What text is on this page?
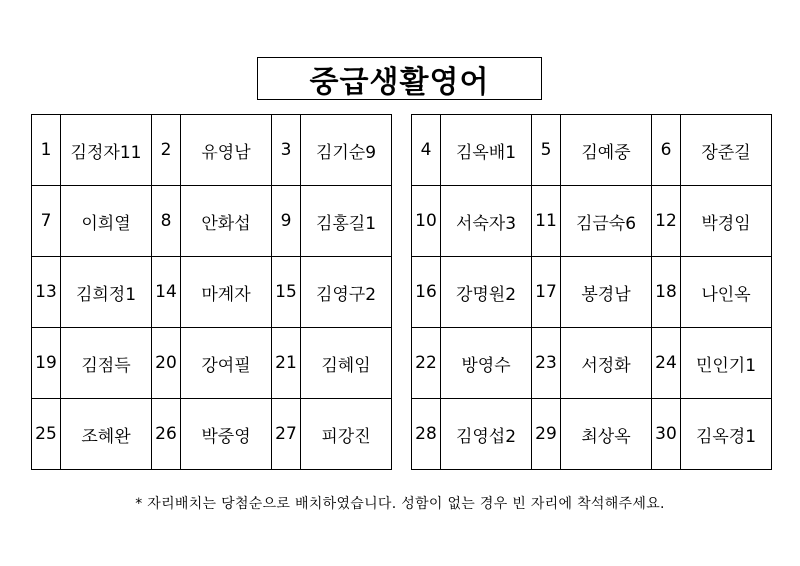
중급생활영어
1	김정자11	2	유영남	3	김기순9
7	이희열	8	안화섭	9	김홍길1
13	김희정1	14	마계자	15	김영구2
19	김점득	20	강여필	21	김혜임
25	조혜완	26	박중영	27	피강진
4	김옥배1	5	김예중	6	장준길
10	서숙자3	11	김금숙6	12	박경임
16	강명원2	17	봉경남	18	나인옥
22	방영수	23	서정화	24	민인기1
28	김영섭2	29	최상옥	30	김옥경1
* 자리배치는 당첨순으로 배치하였습니다. 성함이 없는 경우 빈 자리에 착석해주세요.
